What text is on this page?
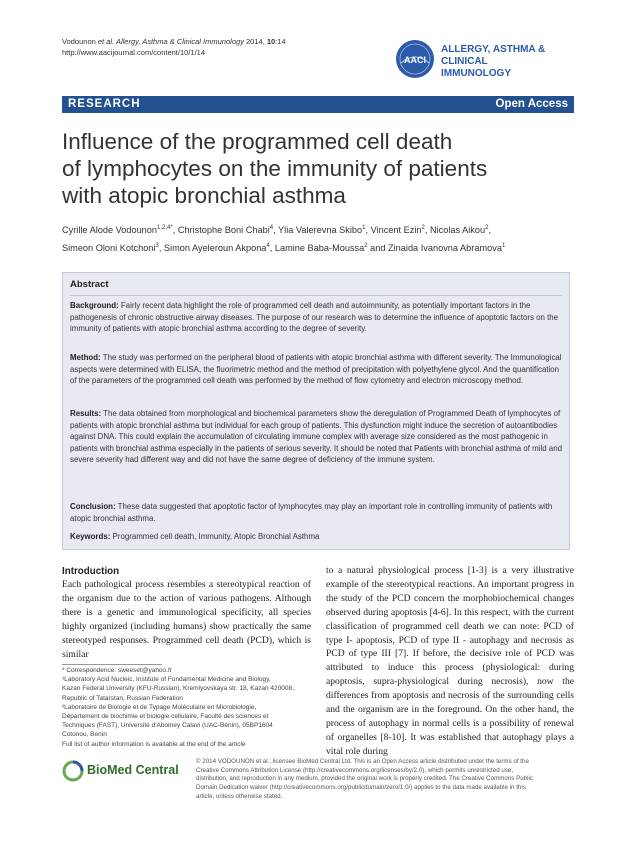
Vodounon et al. Allergy, Asthma & Clinical Immunology 2014, 10:14
http://www.aacijournal.com/content/10/1/14
AACI
ALLERGY, ASTHMA & CLINICAL
IMMUNOLOGY
RESEARCH	Open Access
Influence of the programmed cell death
of lymphocytes on the immunity of patients
with atopic bronchial asthma
Cyrille Alode Vodounon$^{1,2,4*}$, Christophe Boni Chabi$^4$, Ylia Valerevna Skibo$^1$, Vincent Ezin$^2$, Nicolas Aikou$^2$,
Simeon Oloni Kotchoni$^3$, Simon Ayeleroun Akpona$^4$, Lamine Baba-Moussa$^2$ and Zinaida Ivanovna Abramova$^1$
Abstract
Background: Fairly recent data highlight the role of programmed cell death and autoimmunity, as potentially important factors in the pathogenesis of chronic obstructive airway diseases. The purpose of our research was to determine the influence of apoptotic factors on the immunity of patients with atopic bronchial asthma according to the degree of severity.
Method: The study was performed on the peripheral blood of patients with atopic bronchial asthma with different severity. The Immunological aspects were determined with ELISA, the fluorimetric method and the method of precipitation with polyethylene glycol. And the quantification of the parameters of the programmed cell death was performed by the method of flow cytometry and electron microscopy method.
Results: The data obtained from morphological and biochemical parameters show the deregulation of Programmed Death of lymphocytes of patients with atopic bronchial asthma but individual for each group of patients. This dysfunction might induce the secretion of autoantibodies against DNA. This could explain the accumulation of circulating immune complex with average size considered as the most pathogenic in patients with bronchial asthma especially in the patients of serious severity. It should be noted that Patients with bronchial asthma of mild and severe severity had different way and did not have the same degree of deficiency of the immune system.
Conclusion: These data suggested that apoptotic factor of lymphocytes may play an important role in controlling immunity of patients with atopic bronchial asthma.
Keywords: Programmed cell death, Immunity, Atopic Bronchial Asthma
Introduction
Each pathological process resembles a stereotypical reaction of the organism due to the action of various pathogens. Although there is a genetic and immunological specificity, all species highly organized (including humans) show practically the same stereotyped responses. Programmed cell death (PCD), which is similar
to a natural physiological process [1-3] is a very illustrative example of the stereotypical reactions. An important progress in the study of the PCD concern the morphobiochemical changes observed during apoptosis [4-6]. In this respect, with the current classification of programmed cell death we can note: PCD of type I- apoptosis, PCD of type II - autophagy and necrosis as PCD of type III [7]. If before, the decisive role of PCD was attributed to induce this process (physiological: during apoptosis, supra-physiological during necrosis), now the differences from apoptosis and necrosis of the surrounding cells and the organism are in the foreground. On the other hand, the process of autophagy in normal cells is a possibility of renewal of organelles [8-10]. It was established that autophagy plays a vital role during
* Correspondence: sweeset@yahoo.fr
¹Laboratory Acid Nucleic, Institute of Fundamental Medicine and Biology,
Kazan Federal University (KFU-Russian), Kremlyovskaya str. 18, Kazan 420008,
Republic of Tatarstan, Russian Federation
²Laboratoire de Biologie et de Typage Moléculaire en Microbiologie,
Département de biochimie et biologie cellulaire, Faculté des sciences et
Techniques (FAST), Université d'Abomey Calavi (UAC-Bénin), 05BP1604
Cotonou, Benin
Full list of author information is available at the end of the article
BioMed Central
© 2014 VODOUNON et al.; licensee BioMed Central Ltd. This is an Open Access article distributed under the terms of the
Creative Commons Attribution License (http://creativecommons.org/licenses/by/2.0), which permits unrestricted use,
distribution, and reproduction in any medium, provided the original work is properly credited. The Creative Commons Public
Domain Dedication waiver (http://creativecommons.org/publicdomain/zero/1.0/) applies to the data made available in this
article, unless otherwise stated.
